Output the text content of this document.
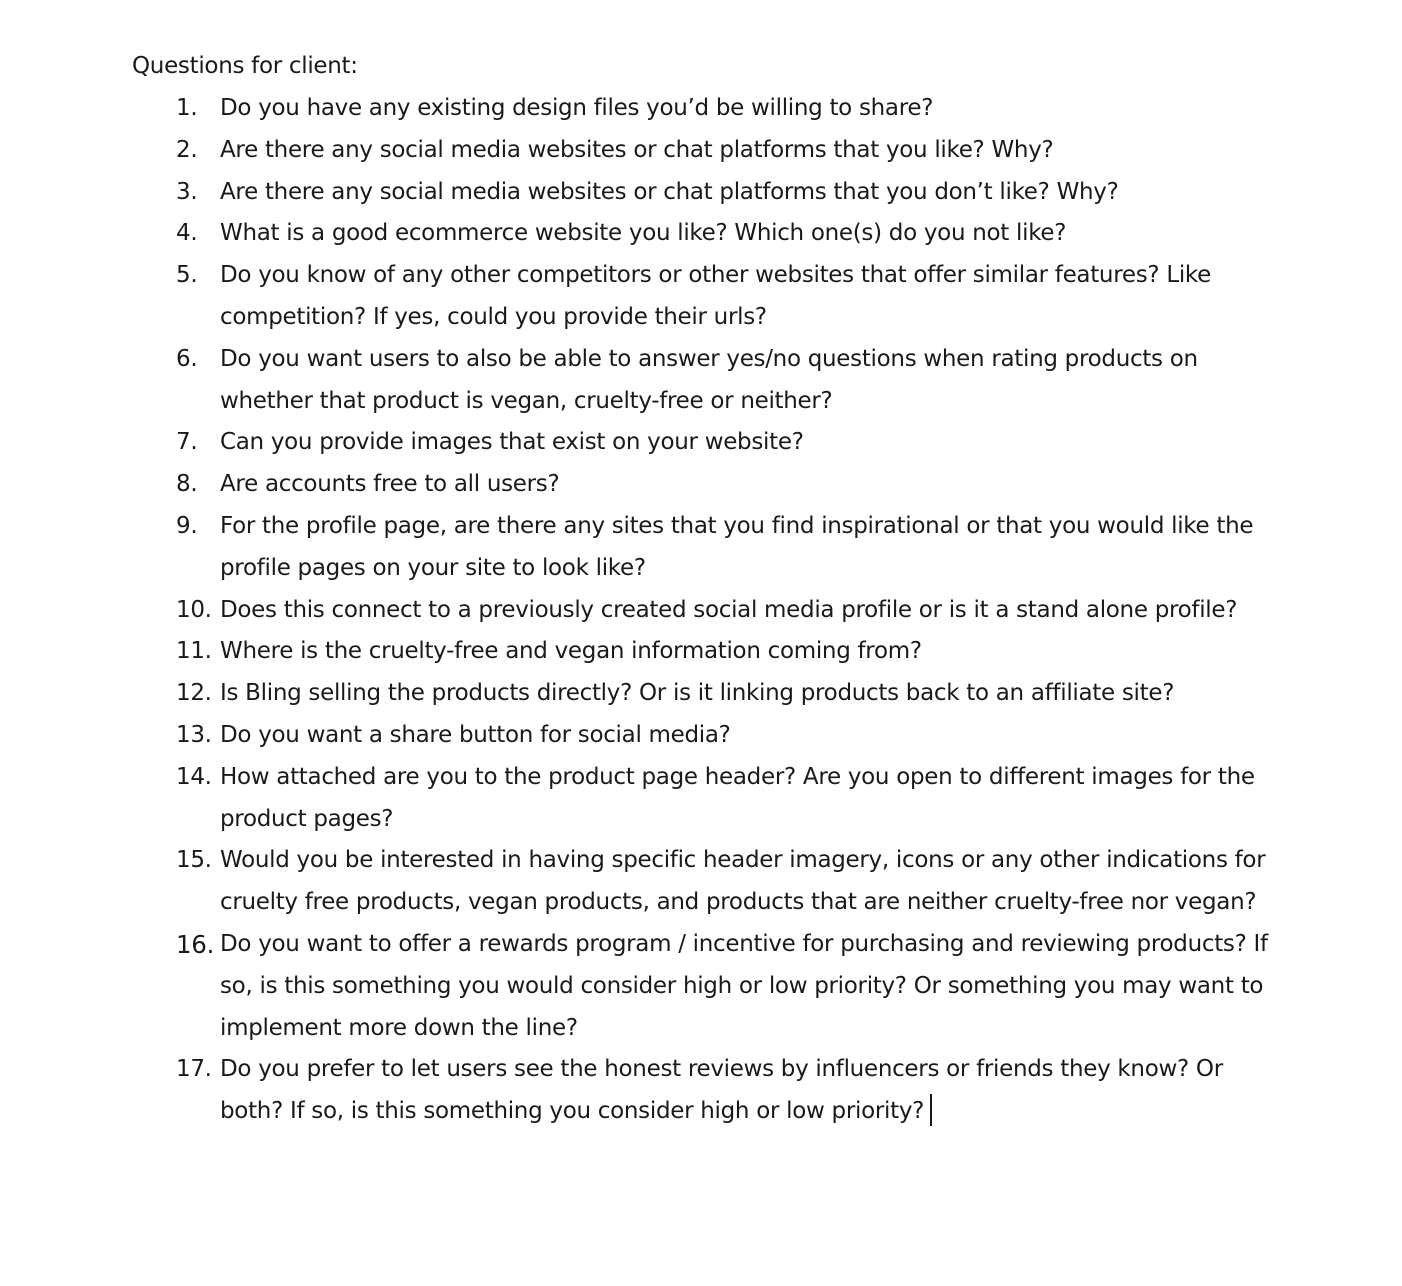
Questions for client:
1. Do you have any existing design files you’d be willing to share?
2. Are there any social media websites or chat platforms that you like? Why?
3. Are there any social media websites or chat platforms that you don’t like? Why?
4. What is a good ecommerce website you like? Which one(s) do you not like?
5. Do you know of any other competitors or other websites that offer similar features? Like competition? If yes, could you provide their urls?
6. Do you want users to also be able to answer yes/no questions when rating products on whether that product is vegan, cruelty-free or neither?
7. Can you provide images that exist on your website?
8. Are accounts free to all users?
9. For the profile page, are there any sites that you find inspirational or that you would like the profile pages on your site to look like?
10. Does this connect to a previously created social media profile or is it a stand alone profile?
11. Where is the cruelty-free and vegan information coming from?
12. Is Bling selling the products directly? Or is it linking products back to an affiliate site?
13. Do you want a share button for social media?
14. How attached are you to the product page header? Are you open to different images for the product pages?
15. Would you be interested in having specific header imagery, icons or any other indications for cruelty free products, vegan products, and products that are neither cruelty-free nor vegan?
16. Do you want to offer a rewards program / incentive for purchasing and reviewing products? If so, is this something you would consider high or low priority? Or something you may want to implement more down the line?
17. Do you prefer to let users see the honest reviews by influencers or friends they know? Or both? If so, is this something you consider high or low priority?
